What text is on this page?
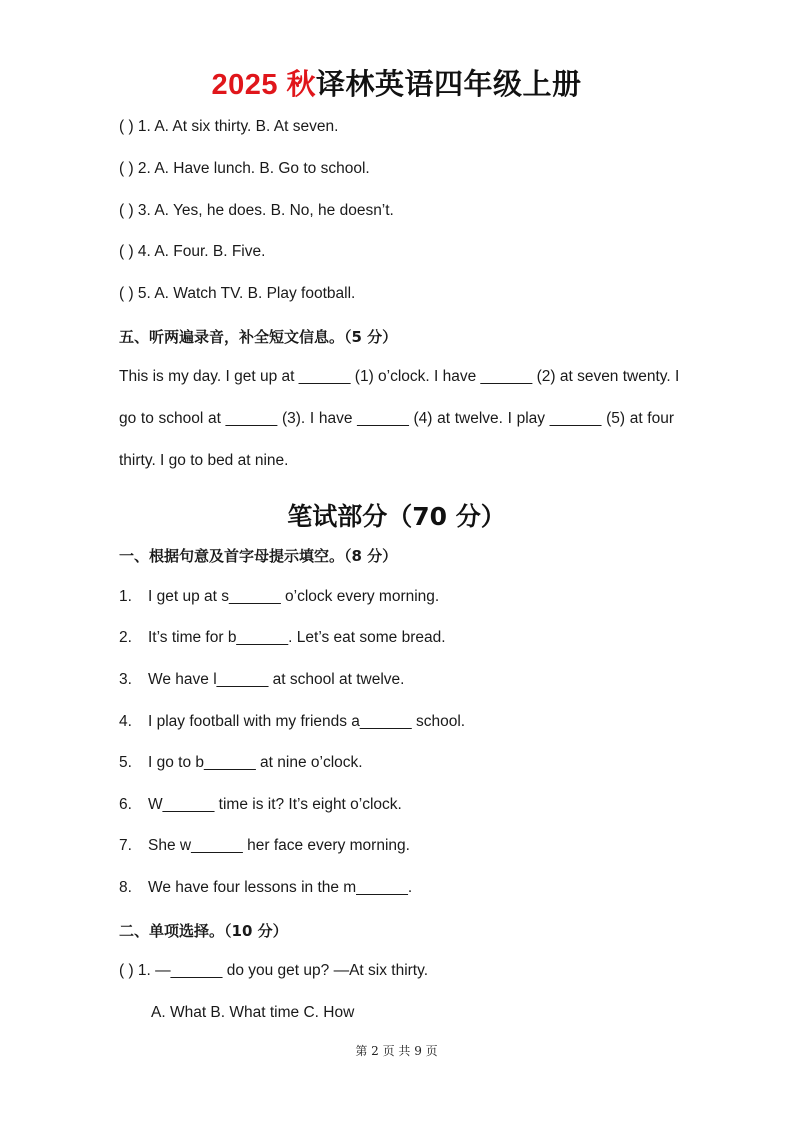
2025 秋译林英语四年级上册
( ) 1. A. At six thirty. B. At seven.
( ) 2. A. Have lunch. B. Go to school.
( ) 3. A. Yes, he does. B. No, he doesn’t.
( ) 4. A. Four. B. Five.
( ) 5. A. Watch TV. B. Play football.
五、听两遍录音，补全短文信息。（5 分）
This is my day. I get up at ______ (1) o’clock. I have ______ (2) at seven twenty. I
go to school at ______ (3). I have ______ (4) at twelve. I play ______ (5) at four
thirty. I go to bed at nine.
笔试部分（70 分）
一、根据句意及首字母提示填空。（8 分）
1. I get up at s______ o’clock every morning.
2. It’s time for b______. Let’s eat some bread.
3. We have l______ at school at twelve.
4. I play football with my friends a______ school.
5. I go to b______ at nine o’clock.
6. W______ time is it? It’s eight o’clock.
7. She w______ her face every morning.
8. We have four lessons in the m______.
二、单项选择。（10 分）
( ) 1. —______ do you get up? —At six thirty.
A. What B. What time C. How
第 2 页 共 9 页
